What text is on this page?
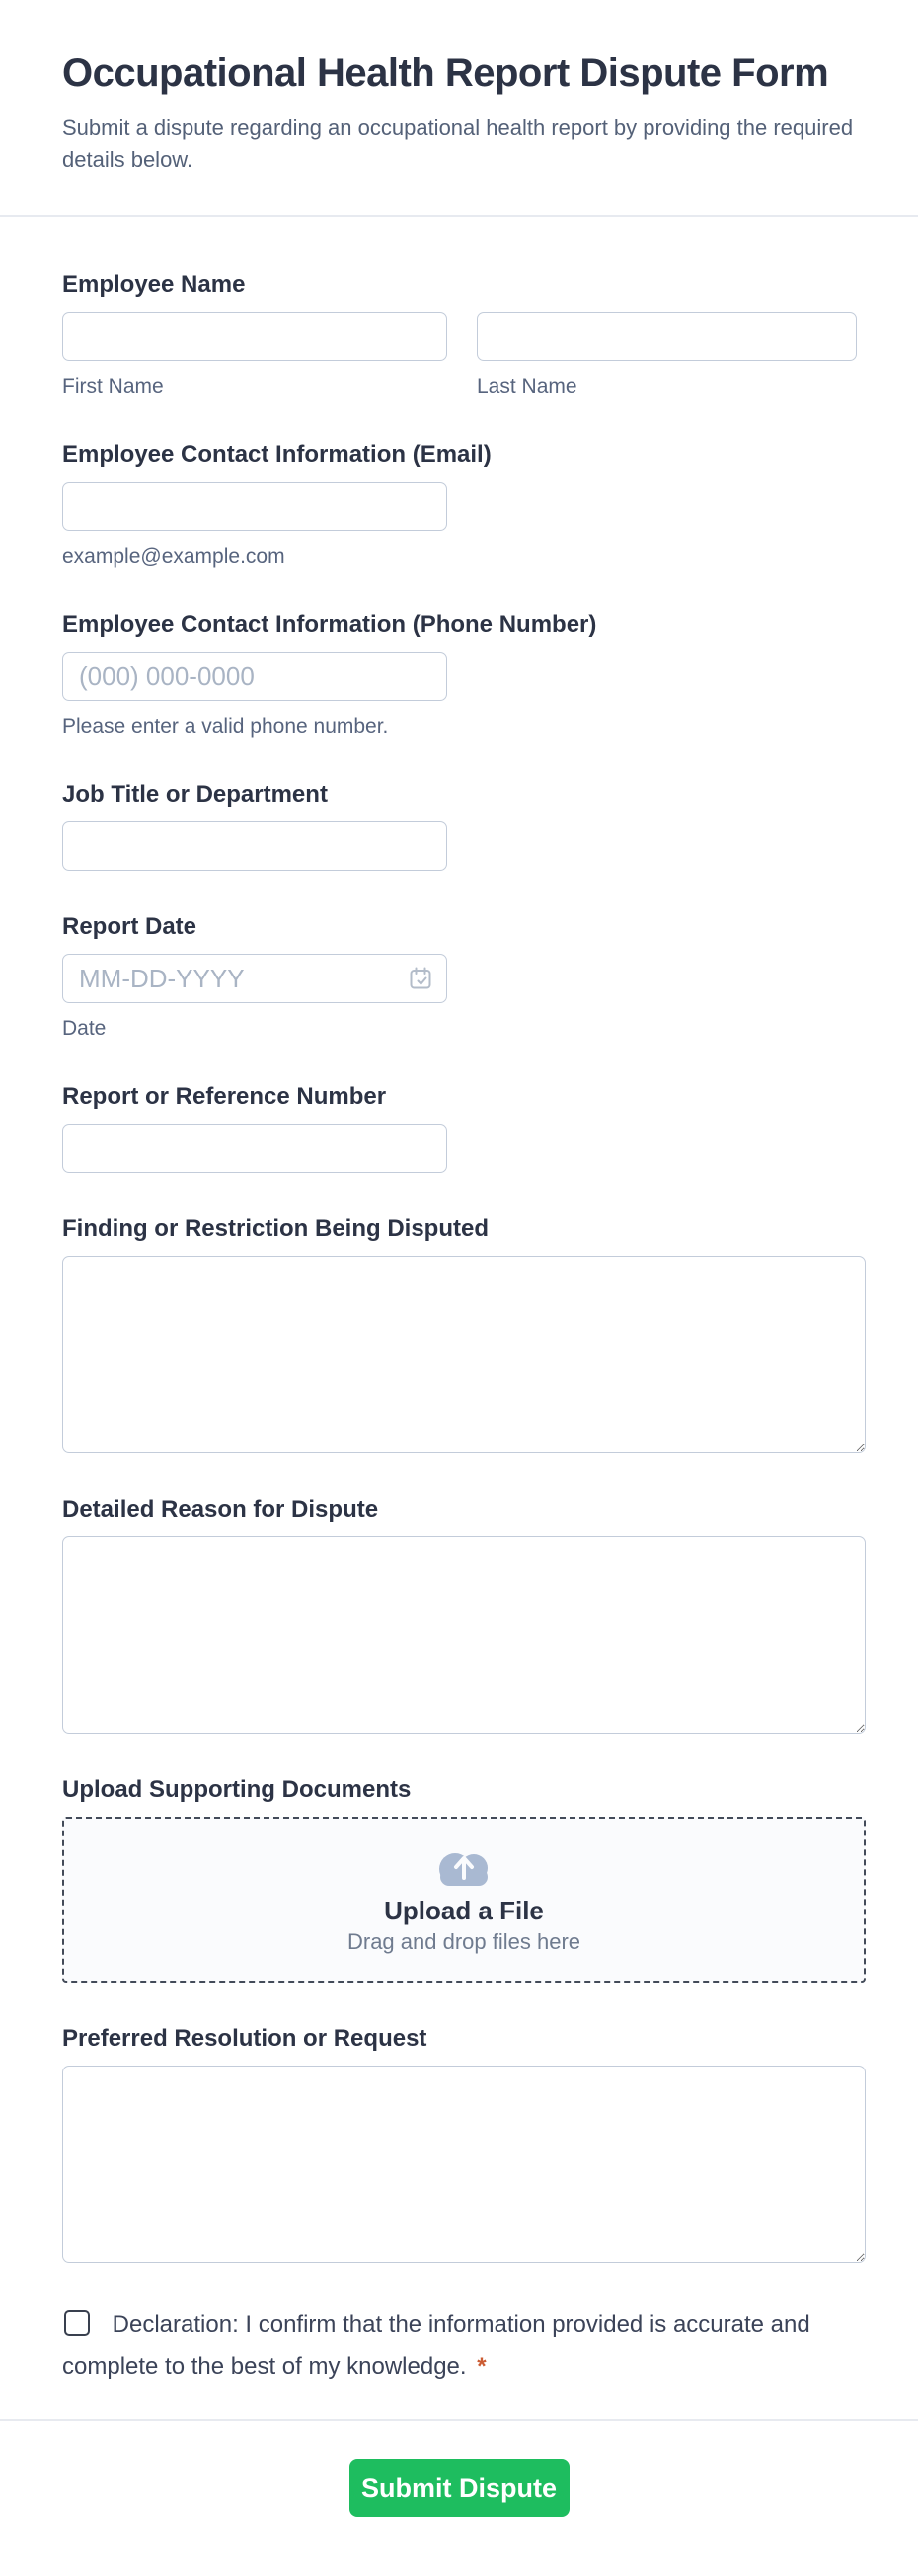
Occupational Health Report Dispute Form

Submit a dispute regarding an occupational health report by providing the required details below.

Employee Name
First Name	Last Name
Employee Contact Information (Email)
example@example.com
Employee Contact Information (Phone Number)
(000) 000-0000
Please enter a valid phone number.
Job Title or Department
Report Date
MM-DD-YYYY
Date
Report or Reference Number
Finding or Restriction Being Disputed
Detailed Reason for Dispute
Upload Supporting Documents
Upload a File
Drag and drop files here
Preferred Resolution or Request
Declaration: I confirm that the information provided is accurate and complete to the best of my knowledge. *
Submit Dispute
